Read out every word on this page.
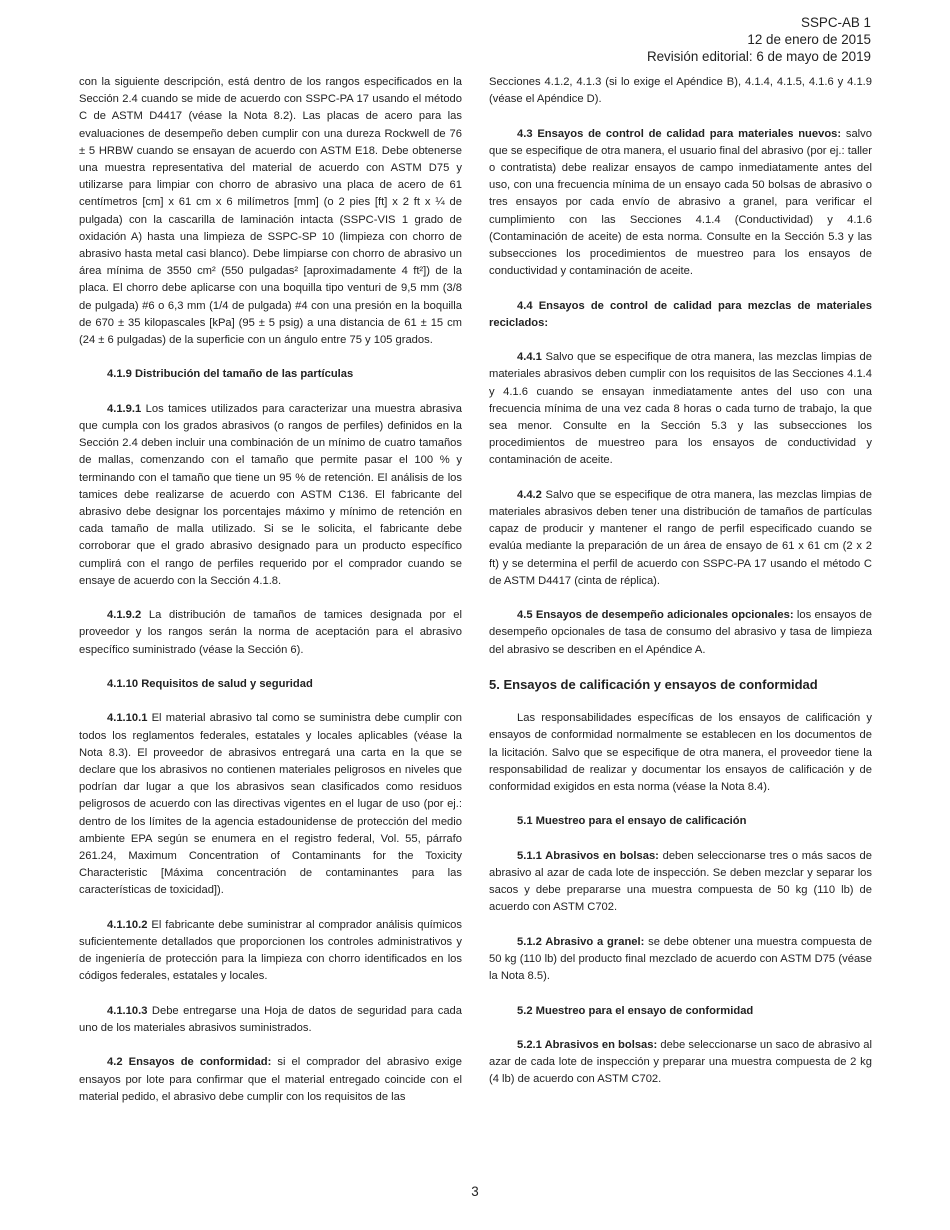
SSPC-AB 1
12 de enero de 2015
Revisión editorial: 6 de mayo de 2019

con la siguiente descripción, está dentro de los rangos especificados en la Sección 2.4 cuando se mide de acuerdo con SSPC-PA 17 usando el método C de ASTM D4417 (véase la Nota 8.2). Las placas de acero para las evaluaciones de desempeño deben cumplir con una dureza Rockwell de 76 ± 5 HRBW cuando se ensayan de acuerdo con ASTM E18. Debe obtenerse una muestra representativa del material de acuerdo con ASTM D75 y utilizarse para limpiar con chorro de abrasivo una placa de acero de 61 centímetros [cm] x 61 cm x 6 milímetros [mm] (o 2 pies [ft] x 2 ft x ¼ de pulgada) con la cascarilla de laminación intacta (SSPC-VIS 1 grado de oxidación A) hasta una limpieza de SSPC-SP 10 (limpieza con chorro de abrasivo hasta metal casi blanco). Debe limpiarse con chorro de abrasivo un área mínima de 3550 cm² (550 pulgadas² [aproximadamente 4 ft²]) de la placa. El chorro debe aplicarse con una boquilla tipo venturi de 9,5 mm (3/8 de pulgada) #6 o 6,3 mm (1/4 de pulgada) #4 con una presión en la boquilla de 670 ± 35 kilopascales [kPa] (95 ± 5 psig) a una distancia de 61 ± 15 cm (24 ± 6 pulgadas) de la superficie con un ángulo entre 75 y 105 grados.

4.1.9 Distribución del tamaño de las partículas

4.1.9.1 Los tamices utilizados para caracterizar una muestra abrasiva que cumpla con los grados abrasivos (o rangos de perfiles) definidos en la Sección 2.4 deben incluir una combinación de un mínimo de cuatro tamaños de mallas, comenzando con el tamaño que permite pasar el 100 % y terminando con el tamaño que tiene un 95 % de retención. El análisis de los tamices debe realizarse de acuerdo con ASTM C136. El fabricante del abrasivo debe designar los porcentajes máximo y mínimo de retención en cada tamaño de malla utilizado. Si se le solicita, el fabricante debe corroborar que el grado abrasivo designado para un producto específico cumplirá con el rango de perfiles requerido por el comprador cuando se ensaye de acuerdo con la Sección 4.1.8.

4.1.9.2 La distribución de tamaños de tamices designada por el proveedor y los rangos serán la norma de aceptación para el abrasivo específico suministrado (véase la Sección 6).

4.1.10 Requisitos de salud y seguridad

4.1.10.1 El material abrasivo tal como se suministra debe cumplir con todos los reglamentos federales, estatales y locales aplicables (véase la Nota 8.3). El proveedor de abrasivos entregará una carta en la que se declare que los abrasivos no contienen materiales peligrosos en niveles que podrían dar lugar a que los abrasivos sean clasificados como residuos peligrosos de acuerdo con las directivas vigentes en el lugar de uso (por ej.: dentro de los límites de la agencia estadounidense de protección del medio ambiente EPA según se enumera en el registro federal, Vol. 55, párrafo 261.24, Maximum Concentration of Contaminants for the Toxicity Characteristic [Máxima concentración de contaminantes para las características de toxicidad]).

4.1.10.2 El fabricante debe suministrar al comprador análisis químicos suficientemente detallados que proporcionen los controles administrativos y de ingeniería de protección para la limpieza con chorro identificados en los códigos federales, estatales y locales.

4.1.10.3 Debe entregarse una Hoja de datos de seguridad para cada uno de los materiales abrasivos suministrados.

4.2 Ensayos de conformidad: si el comprador del abrasivo exige ensayos por lote para confirmar que el material entregado coincide con el material pedido, el abrasivo debe cumplir con los requisitos de las

Secciones 4.1.2, 4.1.3 (si lo exige el Apéndice B), 4.1.4, 4.1.5, 4.1.6 y 4.1.9 (véase el Apéndice D).

4.3 Ensayos de control de calidad para materiales nuevos: salvo que se especifique de otra manera, el usuario final del abrasivo (por ej.: taller o contratista) debe realizar ensayos de campo inmediatamente antes del uso, con una frecuencia mínima de un ensayo cada 50 bolsas de abrasivo o tres ensayos por cada envío de abrasivo a granel, para verificar el cumplimiento con las Secciones 4.1.4 (Conductividad) y 4.1.6 (Contaminación de aceite) de esta norma. Consulte en la Sección 5.3 y las subsecciones los procedimientos de muestreo para los ensayos de conductividad y contaminación de aceite.

4.4 Ensayos de control de calidad para mezclas de materiales reciclados:

4.4.1 Salvo que se especifique de otra manera, las mezclas limpias de materiales abrasivos deben cumplir con los requisitos de las Secciones 4.1.4 y 4.1.6 cuando se ensayan inmediatamente antes del uso con una frecuencia mínima de una vez cada 8 horas o cada turno de trabajo, la que sea menor. Consulte en la Sección 5.3 y las subsecciones los procedimientos de muestreo para los ensayos de conductividad y contaminación de aceite.

4.4.2 Salvo que se especifique de otra manera, las mezclas limpias de materiales abrasivos deben tener una distribución de tamaños de partículas capaz de producir y mantener el rango de perfil especificado cuando se evalúa mediante la preparación de un área de ensayo de 61 x 61 cm (2 x 2 ft) y se determina el perfil de acuerdo con SSPC-PA 17 usando el método C de ASTM D4417 (cinta de réplica).

4.5 Ensayos de desempeño adicionales opcionales: los ensayos de desempeño opcionales de tasa de consumo del abrasivo y tasa de limpieza del abrasivo se describen en el Apéndice A.

5. Ensayos de calificación y ensayos de conformidad

Las responsabilidades específicas de los ensayos de calificación y ensayos de conformidad normalmente se establecen en los documentos de la licitación. Salvo que se especifique de otra manera, el proveedor tiene la responsabilidad de realizar y documentar los ensayos de calificación y de conformidad exigidos en esta norma (véase la Nota 8.4).

5.1 Muestreo para el ensayo de calificación

5.1.1 Abrasivos en bolsas: deben seleccionarse tres o más sacos de abrasivo al azar de cada lote de inspección. Se deben mezclar y separar los sacos y debe prepararse una muestra compuesta de 50 kg (110 lb) de acuerdo con ASTM C702.

5.1.2 Abrasivo a granel: se debe obtener una muestra compuesta de 50 kg (110 lb) del producto final mezclado de acuerdo con ASTM D75 (véase la Nota 8.5).

5.2 Muestreo para el ensayo de conformidad

5.2.1 Abrasivos en bolsas: debe seleccionarse un saco de abrasivo al azar de cada lote de inspección y preparar una muestra compuesta de 2 kg (4 lb) de acuerdo con ASTM C702.

3
